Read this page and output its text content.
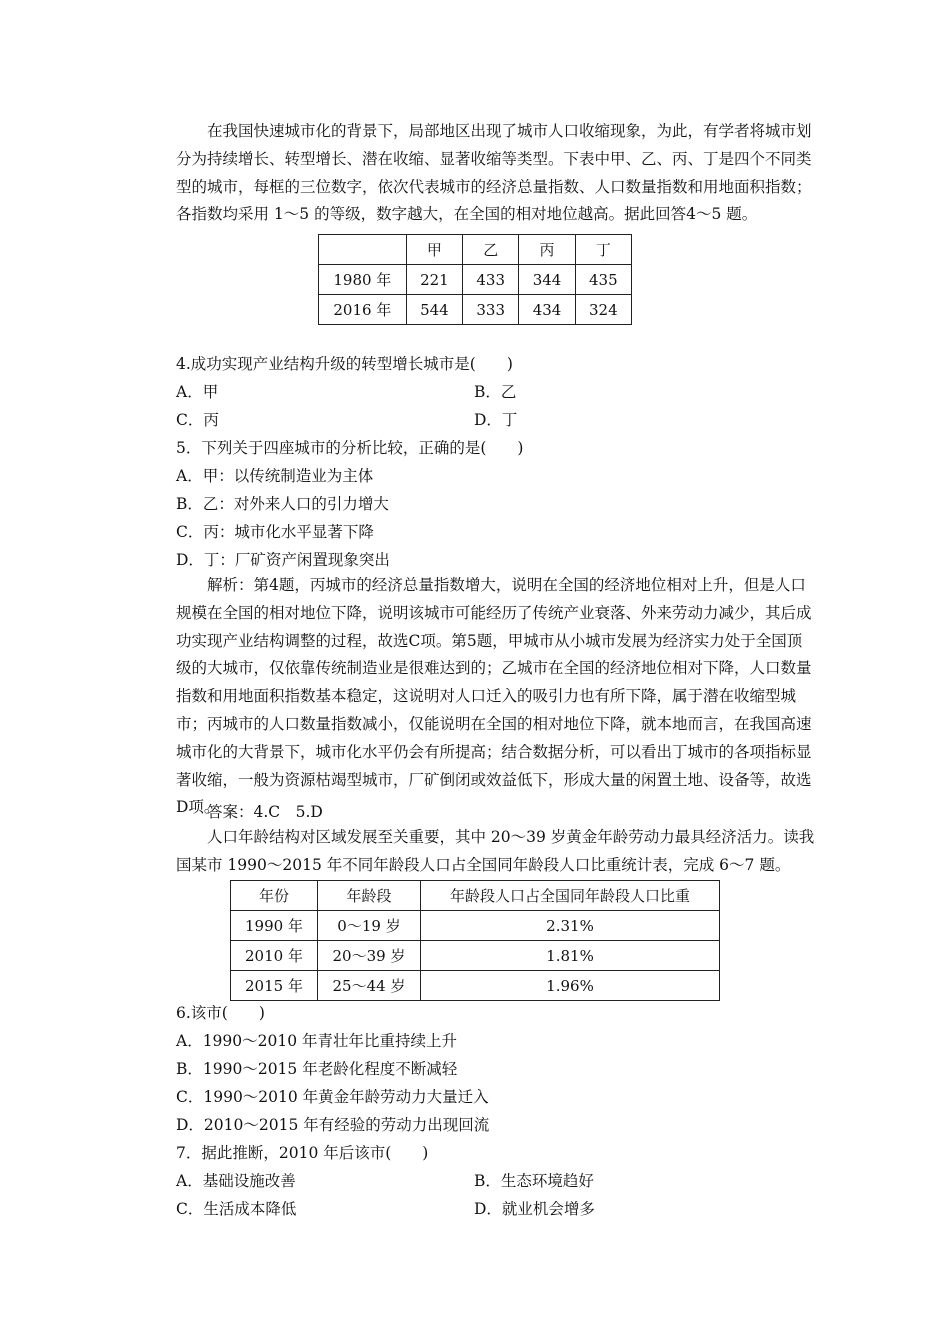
在我国快速城市化的背景下，局部地区出现了城市人口收缩现象，为此，有学者将城市划分为持续增长、转型增长、潜在收缩、显著收缩等类型。下表中甲、乙、丙、丁是四个不同类型的城市，每框的三位数字，依次代表城市的经济总量指数、人口数量指数和用地面积指数；各指数均采用 1～5 的等级，数字越大，在全国的相对地位越高。据此回答4～5 题。
	甲	乙	丙	丁
1980 年	221	433	344	435
2016 年	544	333	434	324
4.成功实现产业结构升级的转型增长城市是(　　)
A．甲	B．乙
C．丙	D．丁
5．下列关于四座城市的分析比较，正确的是(　　)
A．甲：以传统制造业为主体
B．乙：对外来人口的引力增大
C．丙：城市化水平显著下降
D．丁：厂矿资产闲置现象突出
解析：第4题，丙城市的经济总量指数增大，说明在全国的经济地位相对上升，但是人口规模在全国的相对地位下降，说明该城市可能经历了传统产业衰落、外来劳动力减少，其后成功实现产业结构调整的过程，故选C项。第5题，甲城市从小城市发展为经济实力处于全国顶级的大城市，仅依靠传统制造业是很难达到的；乙城市在全国的经济地位相对下降，人口数量指数和用地面积指数基本稳定，这说明对人口迁入的吸引力也有所下降，属于潜在收缩型城市；丙城市的人口数量指数减小，仅能说明在全国的相对地位下降，就本地而言，在我国高速城市化的大背景下，城市化水平仍会有所提高；结合数据分析，可以看出丁城市的各项指标显著收缩，一般为资源枯竭型城市，厂矿倒闭或效益低下，形成大量的闲置土地、设备等，故选D项。
答案：4.C　5.D
人口年龄结构对区域发展至关重要，其中 20～39 岁黄金年龄劳动力最具经济活力。读我国某市 1990～2015 年不同年龄段人口占全国同年龄段人口比重统计表，完成 6～7 题。
年份	年龄段	年龄段人口占全国同年龄段人口比重
1990 年	0～19 岁	2.31%
2010 年	20～39 岁	1.81%
2015 年	25～44 岁	1.96%
6.该市(　　)
A．1990～2010 年青壮年比重持续上升
B．1990～2015 年老龄化程度不断减轻
C．1990～2010 年黄金年龄劳动力大量迁入
D．2010～2015 年有经验的劳动力出现回流
7．据此推断，2010 年后该市(　　)
A．基础设施改善	B．生态环境趋好
C．生活成本降低	D．就业机会增多
